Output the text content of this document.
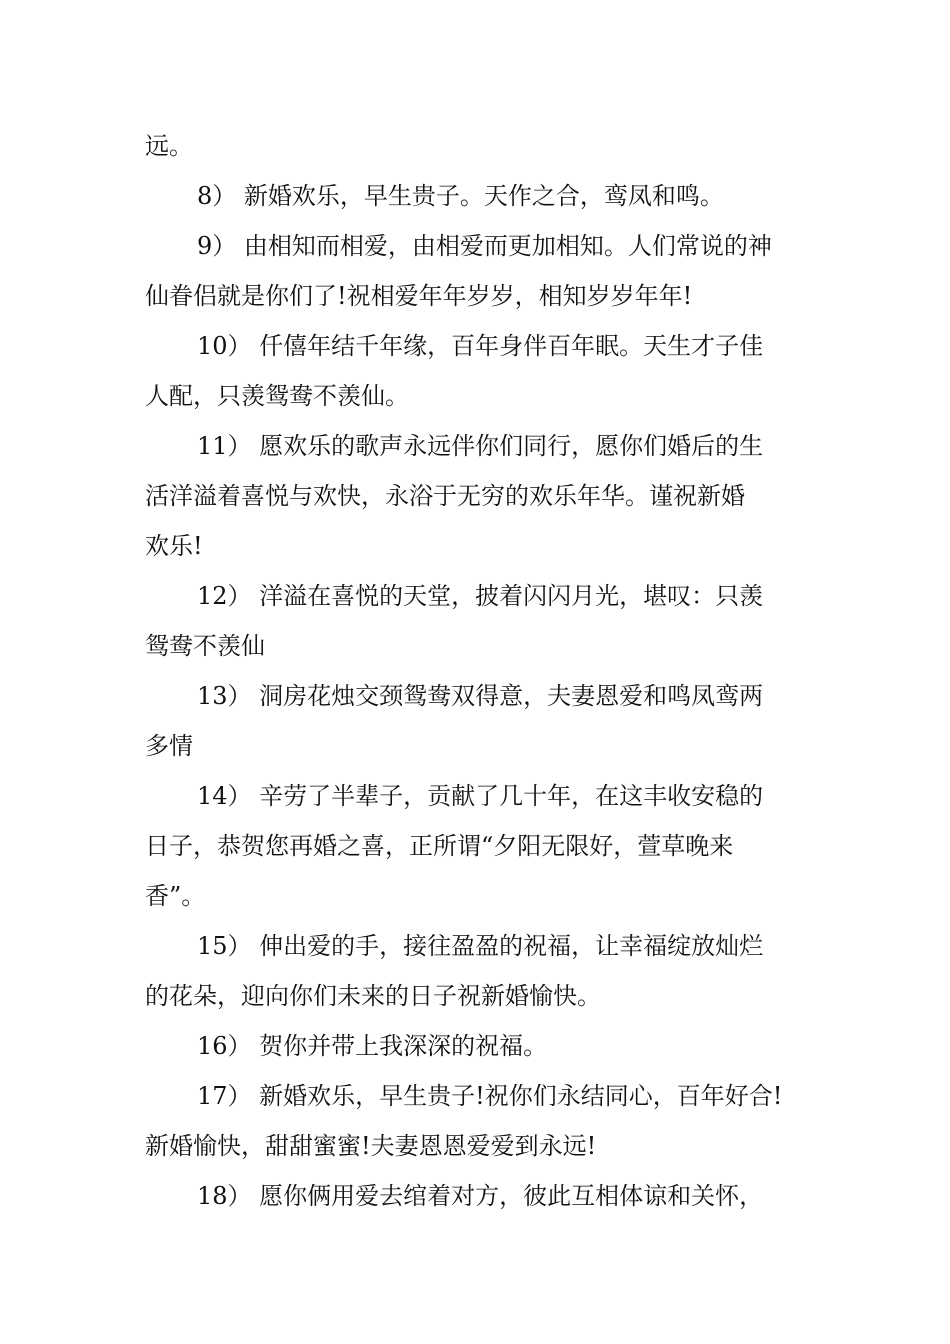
远。
8） 新婚欢乐，早生贵子。天作之合，鸾凤和鸣。
9） 由相知而相爱，由相爱而更加相知。人们常说的神
仙眷侣就是你们了!祝相爱年年岁岁，相知岁岁年年!
10） 仟僖年结千年缘，百年身伴百年眠。天生才子佳
人配，只羡鸳鸯不羡仙。
11） 愿欢乐的歌声永远伴你们同行，愿你们婚后的生
活洋溢着喜悦与欢快，永浴于无穷的欢乐年华。谨祝新婚
欢乐!
12） 洋溢在喜悦的天堂，披着闪闪月光，堪叹：只羡
鸳鸯不羡仙
13） 洞房花烛交颈鸳鸯双得意，夫妻恩爱和鸣凤鸾两
多情
14） 辛劳了半辈子，贡献了几十年，在这丰收安稳的
日子，恭贺您再婚之喜，正所谓“夕阳无限好，萱草晚来
香”。
15） 伸出爱的手，接往盈盈的祝福，让幸福绽放灿烂
的花朵，迎向你们未来的日子祝新婚愉快。
16） 贺你并带上我深深的祝福。
17） 新婚欢乐，早生贵子!祝你们永结同心，百年好合!
新婚愉快，甜甜蜜蜜!夫妻恩恩爱爱到永远!
18） 愿你俩用爱去绾着对方，彼此互相体谅和关怀，
